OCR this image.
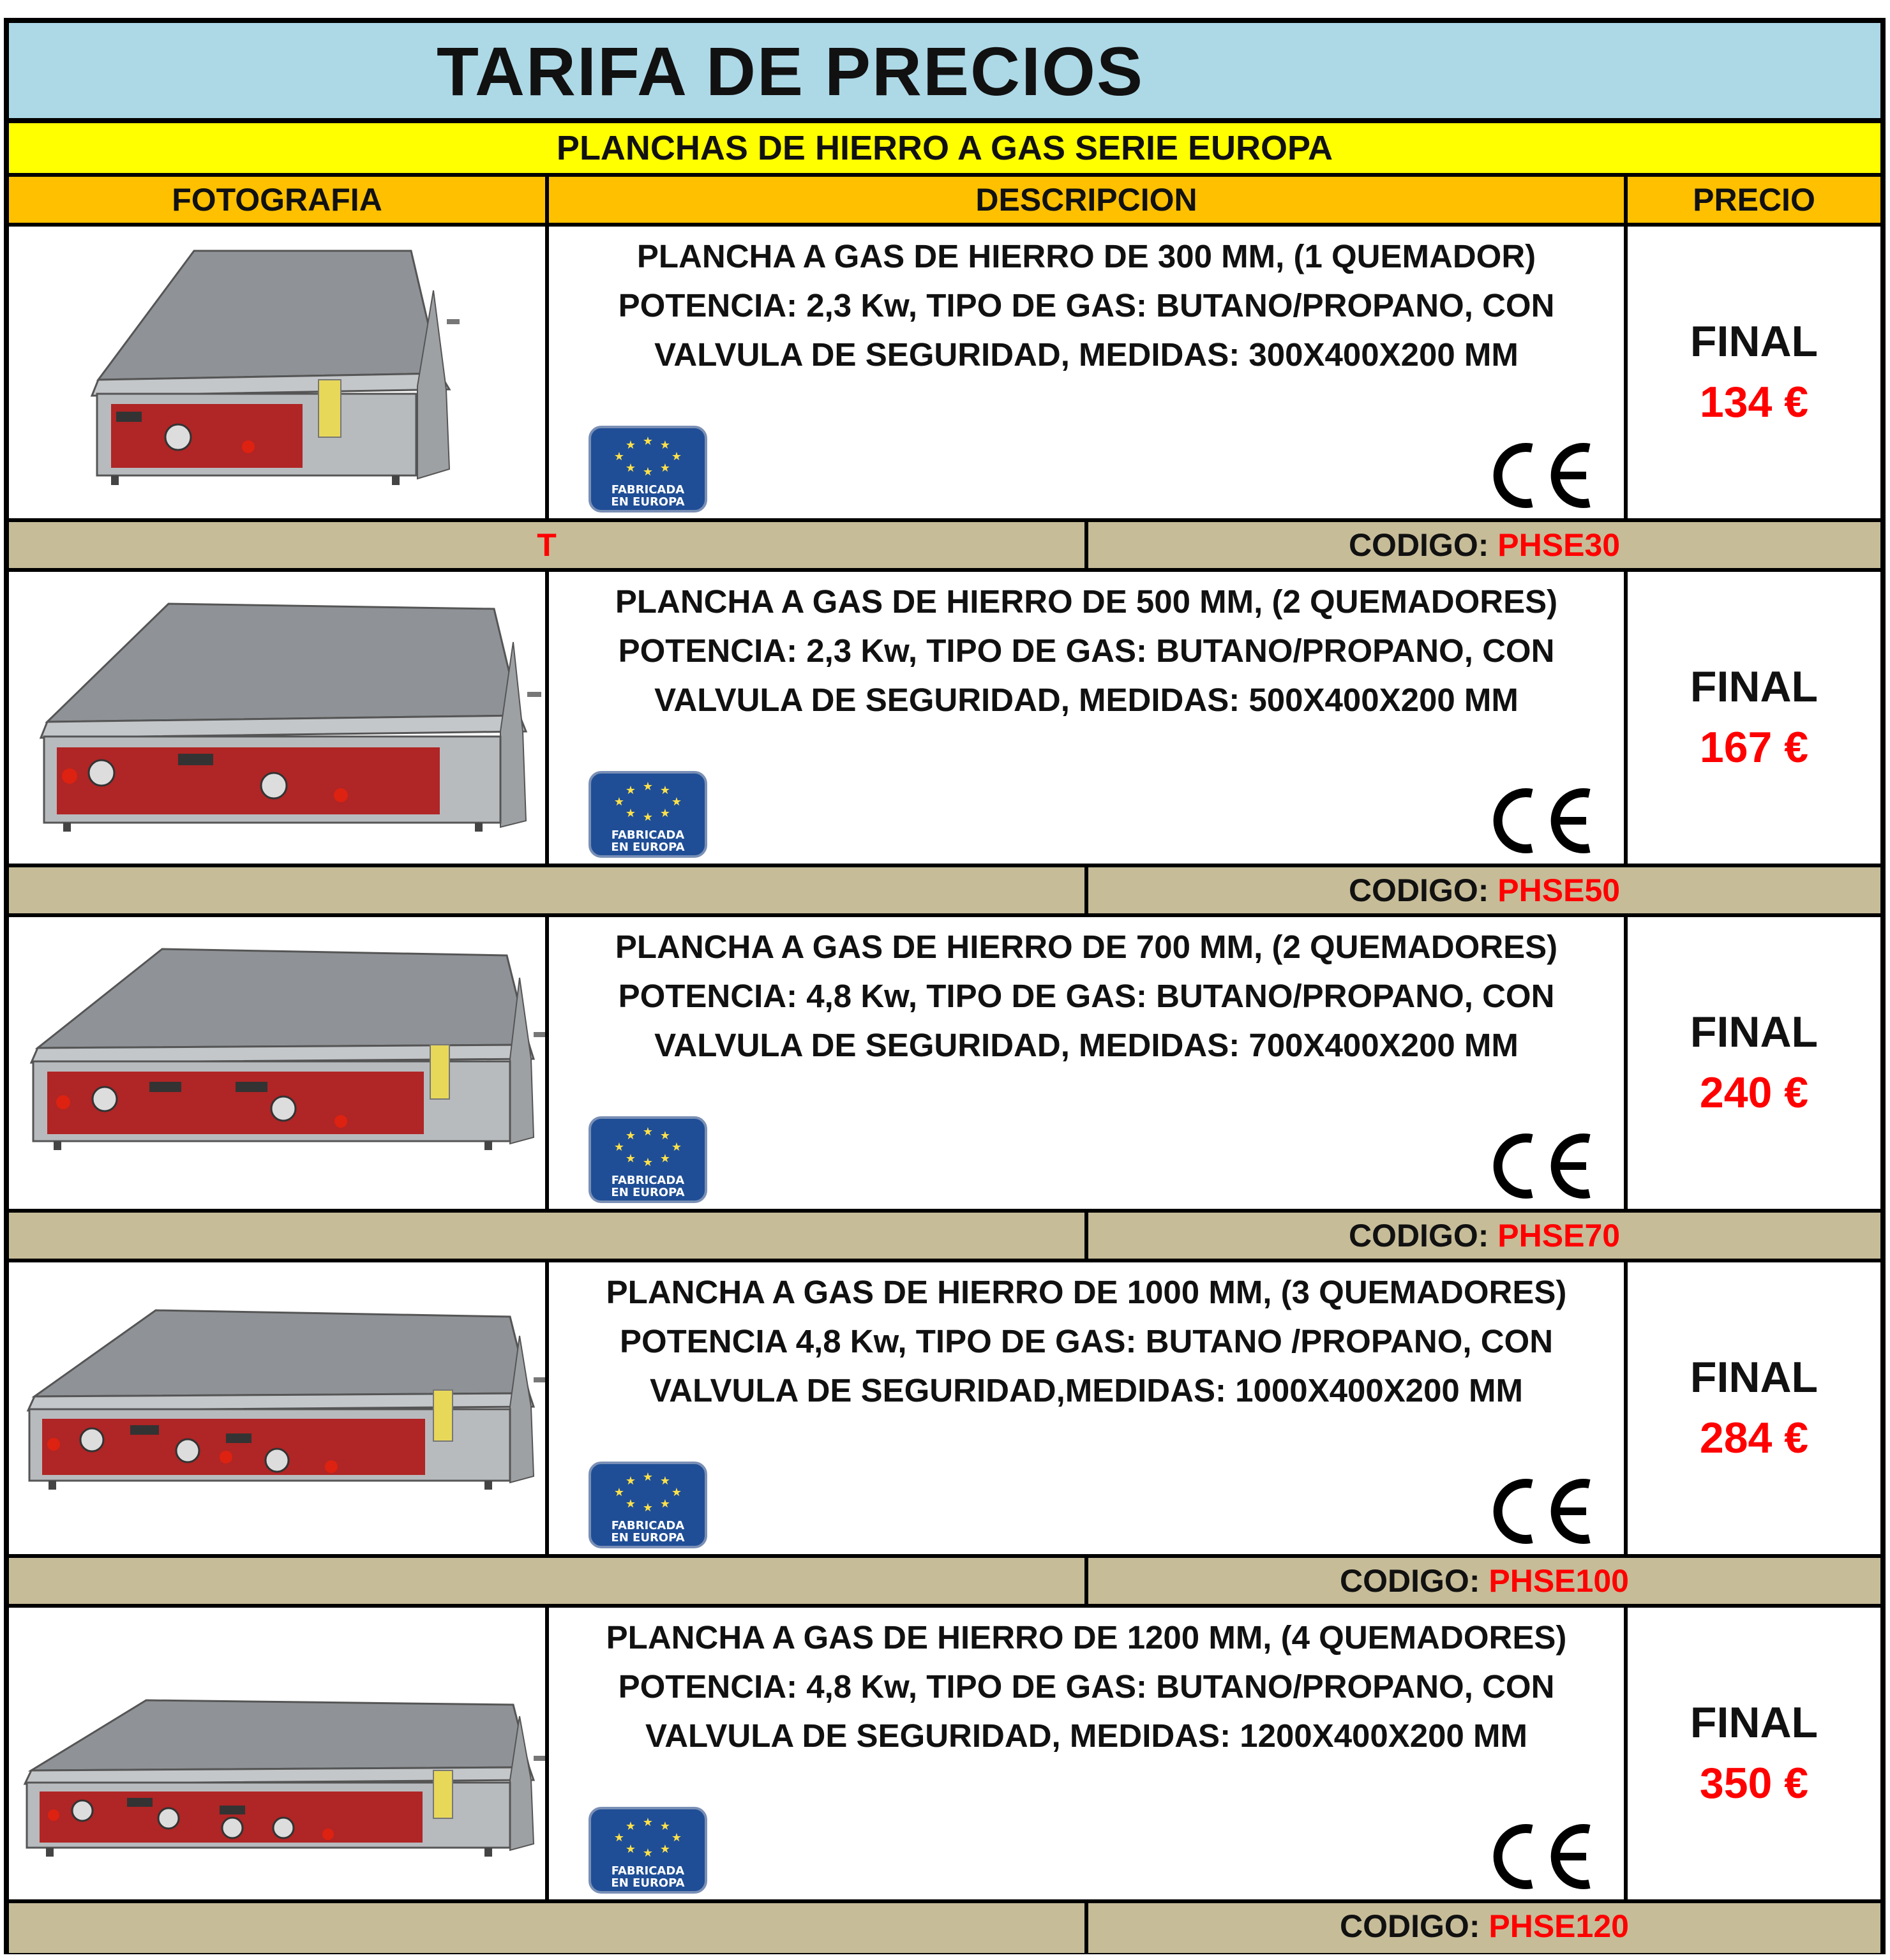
TARIFA DE PRECIOS
PLANCHAS DE HIERRO A GAS SERIE EUROPA
FOTOGRAFIA	DESCRIPCION	PRECIO
PLANCHA A GAS DE HIERRO DE 300 MM, (1 QUEMADOR) POTENCIA: 2,3 Kw, TIPO DE GAS: BUTANO/PROPANO, CON VALVULA DE SEGURIDAD, MEDIDAS: 300X400X200 MM
★ ★
★
★
★
★ ★
★
FABRICADA
EN EUROPA
FINAL
134 €
T	CODIGO: PHSE30
PLANCHA A GAS DE HIERRO DE 500 MM, (2 QUEMADORES) POTENCIA: 2,3 Kw, TIPO DE GAS: BUTANO/PROPANO, CON VALVULA DE SEGURIDAD, MEDIDAS: 500X400X200 MM
★ ★
★
★
★
★ ★
★
FABRICADA
EN EUROPA
FINAL
167 €
CODIGO: PHSE50
PLANCHA A GAS DE HIERRO DE 700 MM, (2 QUEMADORES) POTENCIA: 4,8 Kw, TIPO DE GAS: BUTANO/PROPANO, CON VALVULA DE SEGURIDAD, MEDIDAS: 700X400X200 MM
★ ★
★
★
★
★ ★
★
FABRICADA
EN EUROPA
FINAL
240 €
CODIGO: PHSE70
PLANCHA A GAS DE HIERRO DE 1000 MM, (3 QUEMADORES) POTENCIA 4,8 Kw, TIPO DE GAS: BUTANO /PROPANO, CON VALVULA DE SEGURIDAD,MEDIDAS: 1000X400X200 MM
★ ★
★
★
★
★ ★
★
FABRICADA
EN EUROPA
FINAL
284 €
CODIGO: PHSE100
PLANCHA A GAS DE HIERRO DE 1200 MM, (4 QUEMADORES) POTENCIA: 4,8 Kw, TIPO DE GAS: BUTANO/PROPANO, CON VALVULA DE SEGURIDAD, MEDIDAS: 1200X400X200 MM
★ ★
★
★
★
★ ★
★
FABRICADA
EN EUROPA
FINAL
350 €
CODIGO: PHSE120
